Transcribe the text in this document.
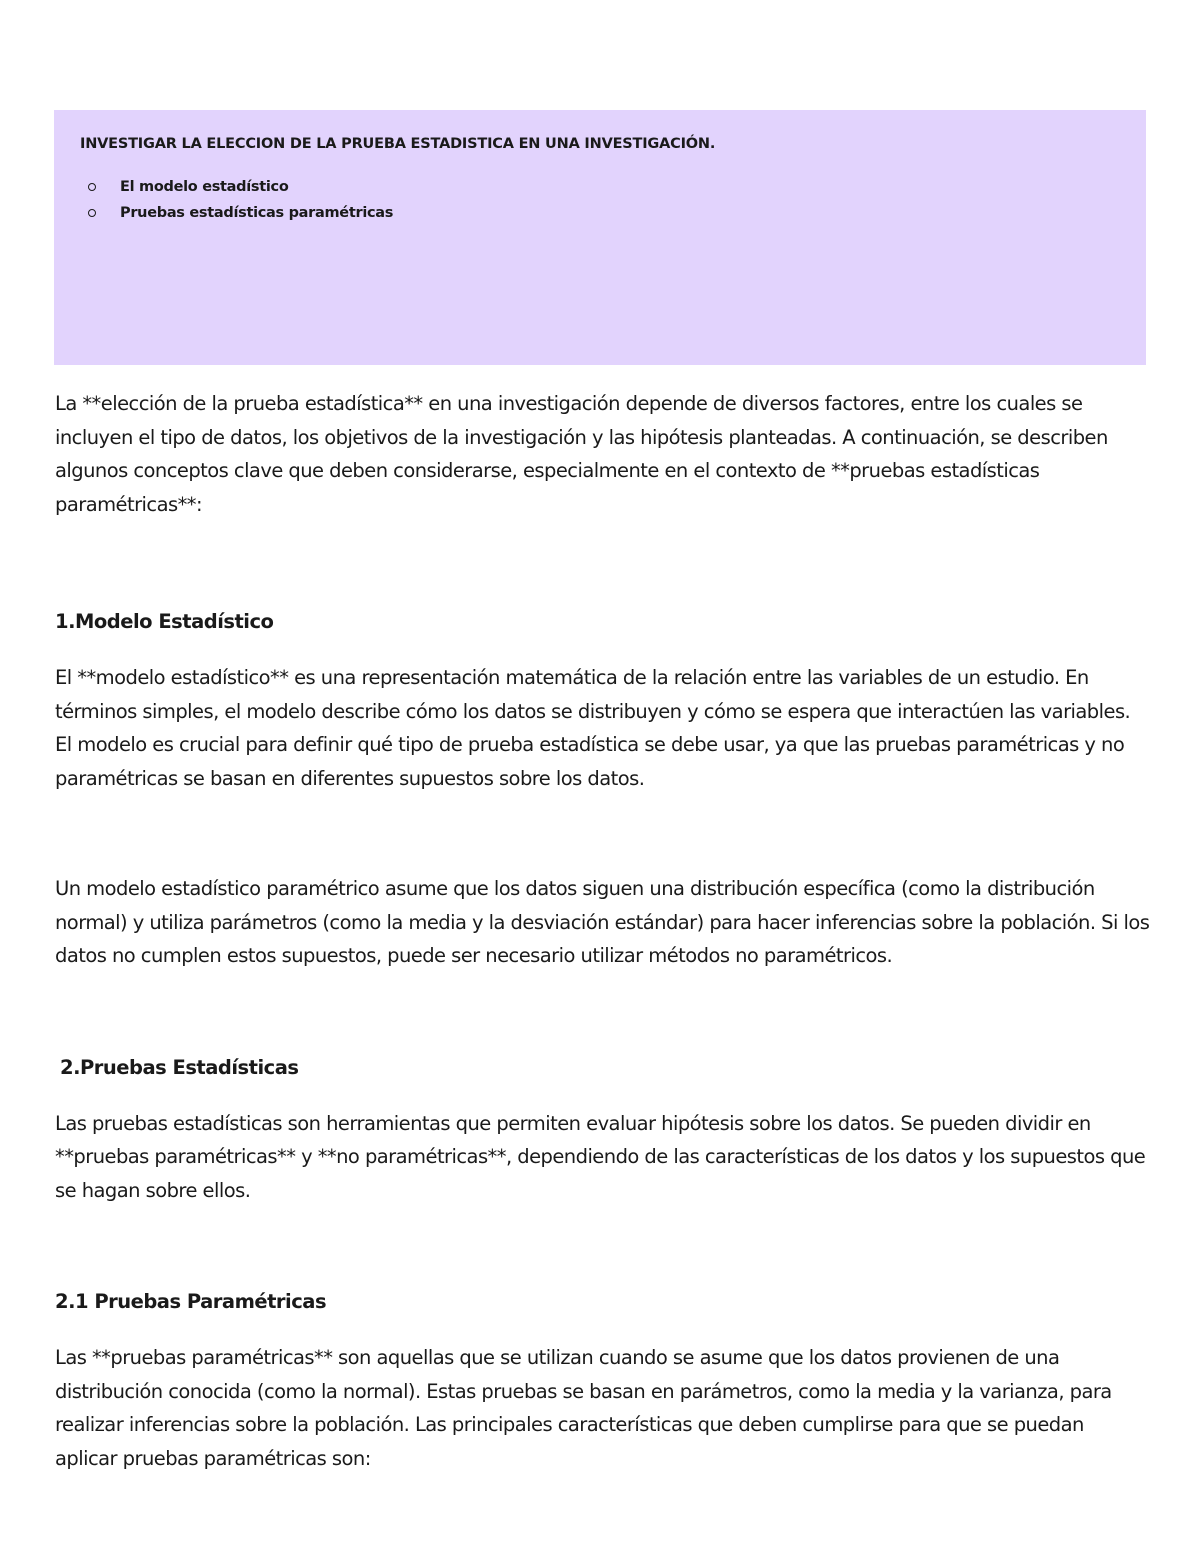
INVESTIGAR LA ELECCION DE LA PRUEBA ESTADISTICA EN UNA INVESTIGACIÓN.

El modelo estadístico
Pruebas estadísticas paramétricas

La **elección de la prueba estadística** en una investigación depende de diversos factores, entre los cuales se incluyen el tipo de datos, los objetivos de la investigación y las hipótesis planteadas. A continuación, se describen algunos conceptos clave que deben considerarse, especialmente en el contexto de **pruebas estadísticas paramétricas**:

1.Modelo Estadístico

El **modelo estadístico** es una representación matemática de la relación entre las variables de un estudio. En términos simples, el modelo describe cómo los datos se distribuyen y cómo se espera que interactúen las variables. El modelo es crucial para definir qué tipo de prueba estadística se debe usar, ya que las pruebas paramétricas y no paramétricas se basan en diferentes supuestos sobre los datos.

Un modelo estadístico paramétrico asume que los datos siguen una distribución específica (como la distribución normal) y utiliza parámetros (como la media y la desviación estándar) para hacer inferencias sobre la población. Si los datos no cumplen estos supuestos, puede ser necesario utilizar métodos no paramétricos.

2.Pruebas Estadísticas

Las pruebas estadísticas son herramientas que permiten evaluar hipótesis sobre los datos. Se pueden dividir en **pruebas paramétricas** y **no paramétricas**, dependiendo de las características de los datos y los supuestos que se hagan sobre ellos.

2.1 Pruebas Paramétricas

Las **pruebas paramétricas** son aquellas que se utilizan cuando se asume que los datos provienen de una distribución conocida (como la normal). Estas pruebas se basan en parámetros, como la media y la varianza, para realizar inferencias sobre la población. Las principales características que deben cumplirse para que se puedan aplicar pruebas paramétricas son:
